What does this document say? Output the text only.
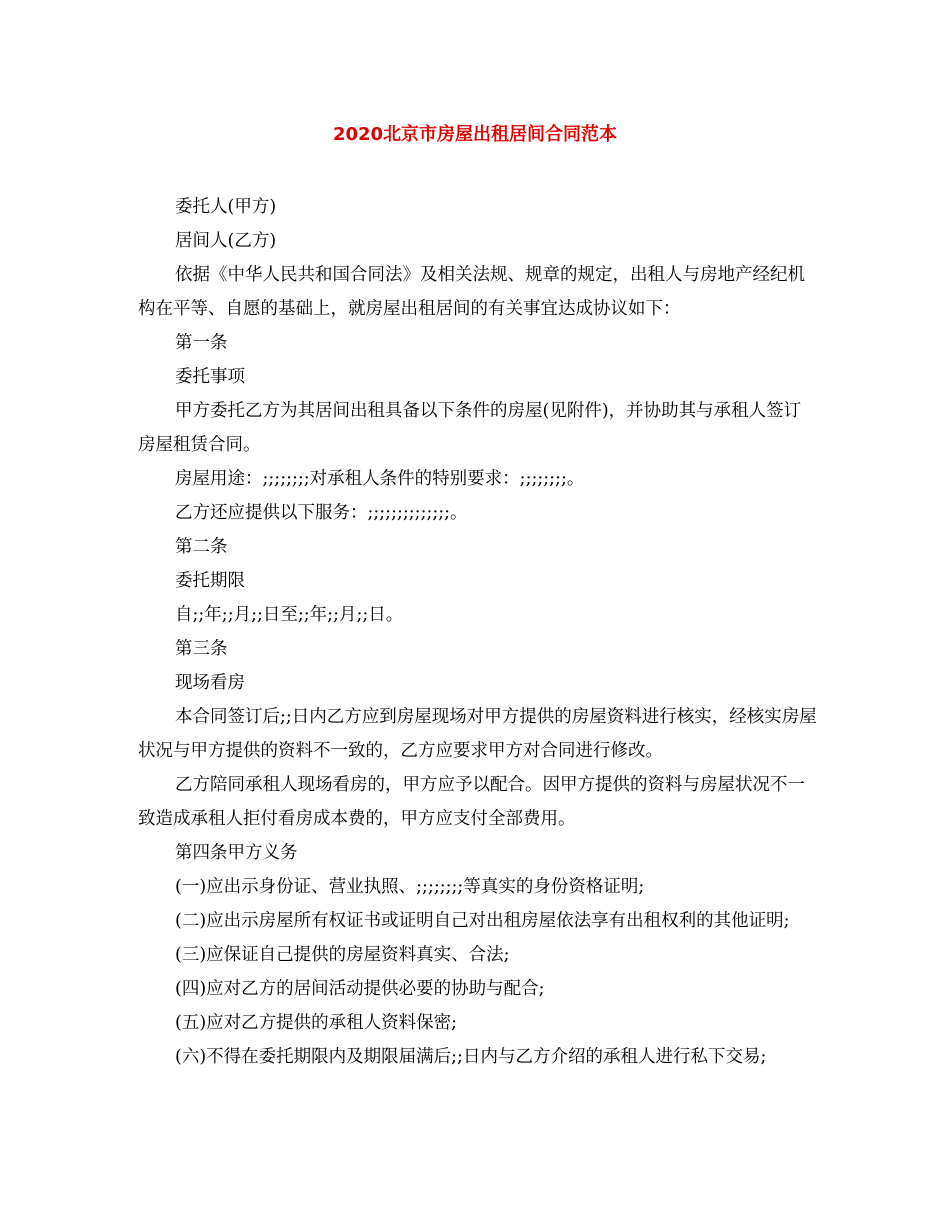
2020北京市房屋出租居间合同范本

委托人(甲方)

居间人(乙方)

依据《中华人民共和国合同法》及相关法规、规章的规定，出租人与房地产经纪机构在平等、自愿的基础上，就房屋出租居间的有关事宜达成协议如下：

第一条

委托事项

甲方委托乙方为其居间出租具备以下条件的房屋(见附件)，并协助其与承租人签订房屋租赁合同。

房屋用途：;;;;;;;;对承租人条件的特别要求：;;;;;;;;。

乙方还应提供以下服务：;;;;;;;;;;;;;;。

第二条

委托期限

自;;年;;月;;日至;;年;;月;;日。

第三条

现场看房

本合同签订后;;日内乙方应到房屋现场对甲方提供的房屋资料进行核实，经核实房屋状况与甲方提供的资料不一致的，乙方应要求甲方对合同进行修改。

乙方陪同承租人现场看房的，甲方应予以配合。因甲方提供的资料与房屋状况不一致造成承租人拒付看房成本费的，甲方应支付全部费用。

第四条甲方义务

(一)应出示身份证、营业执照、;;;;;;;;等真实的身份资格证明;

(二)应出示房屋所有权证书或证明自己对出租房屋依法享有出租权利的其他证明;

(三)应保证自己提供的房屋资料真实、合法;

(四)应对乙方的居间活动提供必要的协助与配合;

(五)应对乙方提供的承租人资料保密;

(六)不得在委托期限内及期限届满后;;日内与乙方介绍的承租人进行私下交易;
